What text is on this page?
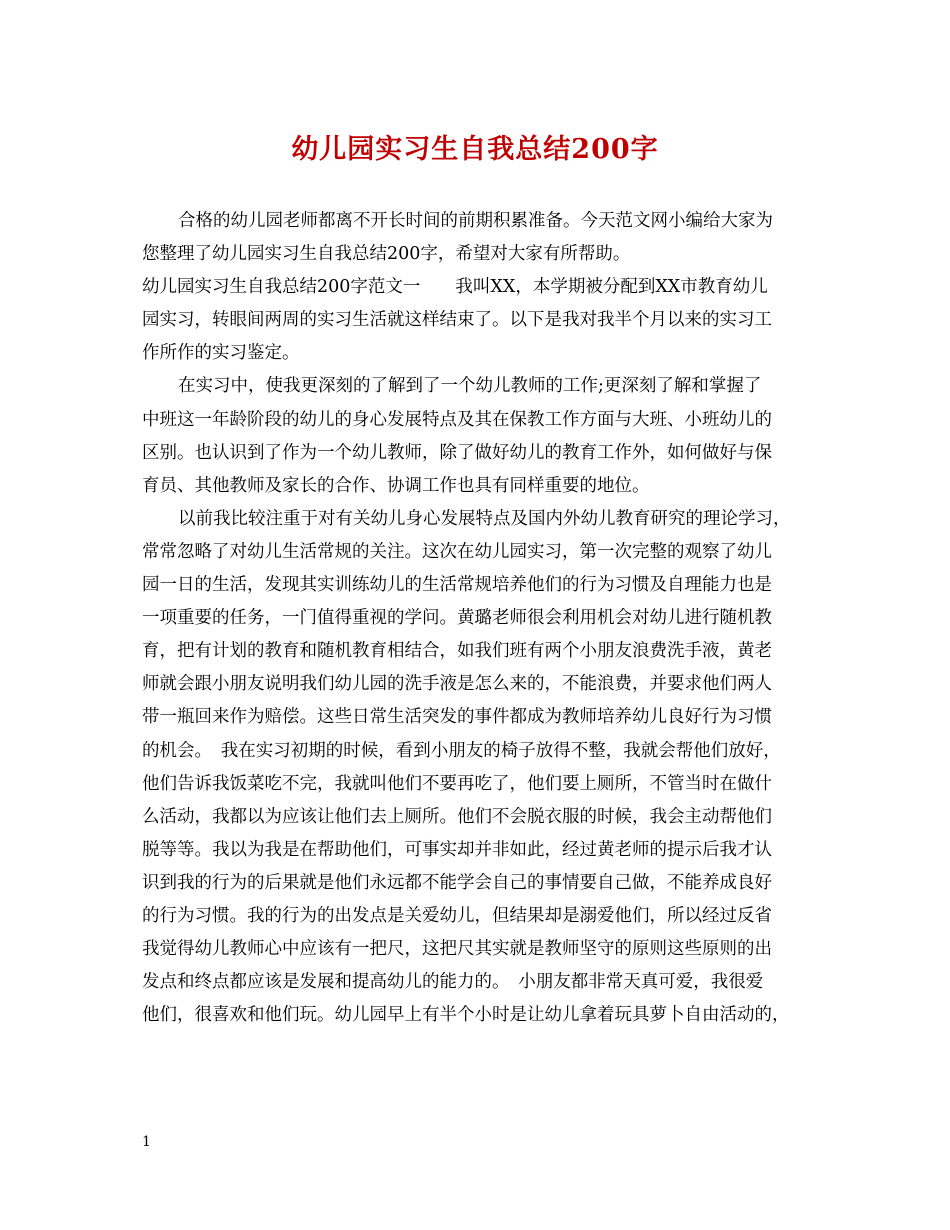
幼儿园实习生自我总结200字
合格的幼儿园老师都离不开长时间的前期积累准备。今天范文网小编给大家为
您整理了幼儿园实习生自我总结200字，希望对大家有所帮助。
幼儿园实习生自我总结200字范文一　　我叫XX，本学期被分配到XX市教育幼儿
园实习，转眼间两周的实习生活就这样结束了。以下是我对我半个月以来的实习工
作所作的实习鉴定。
在实习中，使我更深刻的了解到了一个幼儿教师的工作;更深刻了解和掌握了
中班这一年龄阶段的幼儿的身心发展特点及其在保教工作方面与大班、小班幼儿的
区别。也认识到了作为一个幼儿教师，除了做好幼儿的教育工作外，如何做好与保
育员、其他教师及家长的合作、协调工作也具有同样重要的地位。
以前我比较注重于对有关幼儿身心发展特点及国内外幼儿教育研究的理论学习，
常常忽略了对幼儿生活常规的关注。这次在幼儿园实习，第一次完整的观察了幼儿
园一日的生活，发现其实训练幼儿的生活常规培养他们的行为习惯及自理能力也是
一项重要的任务，一门值得重视的学问。黄璐老师很会利用机会对幼儿进行随机教
育，把有计划的教育和随机教育相结合，如我们班有两个小朋友浪费洗手液，黄老
师就会跟小朋友说明我们幼儿园的洗手液是怎么来的，不能浪费，并要求他们两人
带一瓶回来作为赔偿。这些日常生活突发的事件都成为教师培养幼儿良好行为习惯
的机会。　我在实习初期的时候，看到小朋友的椅子放得不整，我就会帮他们放好，
他们告诉我饭菜吃不完，我就叫他们不要再吃了，他们要上厕所，不管当时在做什
么活动，我都以为应该让他们去上厕所。他们不会脱衣服的时候，我会主动帮他们
脱等等。我以为我是在帮助他们，可事实却并非如此，经过黄老师的提示后我才认
识到我的行为的后果就是他们永远都不能学会自己的事情要自己做，不能养成良好
的行为习惯。我的行为的出发点是关爱幼儿，但结果却是溺爱他们，所以经过反省
我觉得幼儿教师心中应该有一把尺，这把尺其实就是教师坚守的原则这些原则的出
发点和终点都应该是发展和提高幼儿的能力的。　小朋友都非常天真可爱，我很爱
他们，很喜欢和他们玩。幼儿园早上有半个小时是让幼儿拿着玩具萝卜自由活动的，
1
